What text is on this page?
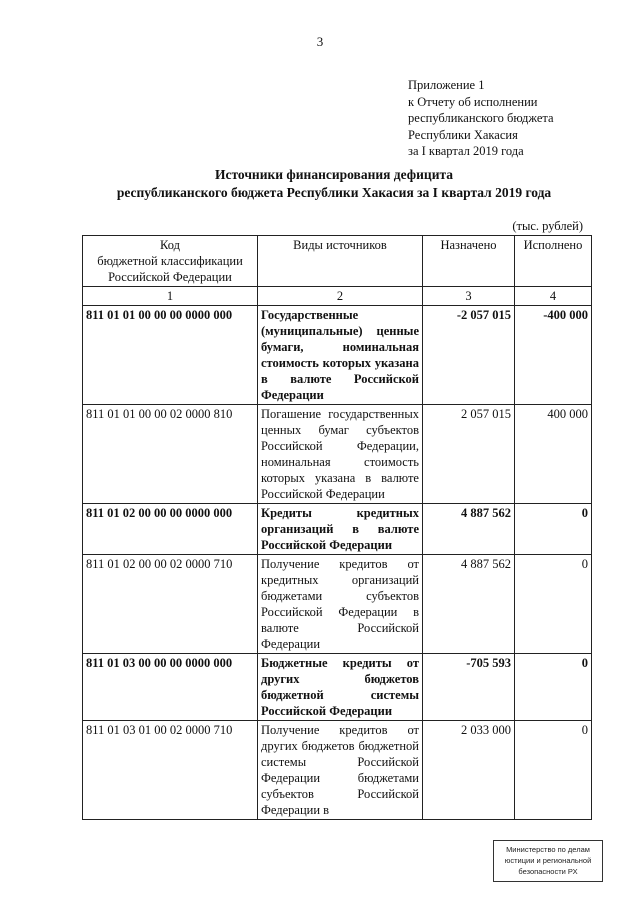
3
Приложение 1
к Отчету об исполнении
республиканского бюджета
Республики Хакасия
за I квартал 2019 года
Источники финансирования дефицита
республиканского бюджета Республики Хакасия за I квартал 2019 года
(тыс. рублей)
Код
бюджетной классификации
Российской Федерации	Виды источников	Назначено	Исполнено
1	2	3	4
811 01 01 00 00 00 0000 000	Государственные (муниципальные) ценные бумаги, номинальная стоимость которых указана в валюте Российской Федерации	-2 057 015	-400 000
811 01 01 00 00 02 0000 810	Погашение государственных ценных бумаг субъектов Российской Федерации, номинальная стоимость которых указана в валюте Российской Федерации	2 057 015	400 000
811 01 02 00 00 00 0000 000	Кредиты кредитных организаций в валюте Российской Федерации	4 887 562	0
811 01 02 00 00 02 0000 710	Получение кредитов от кредитных организаций бюджетами субъектов Российской Федерации в валюте Российской Федерации	4 887 562	0
811 01 03 00 00 00 0000 000	Бюджетные кредиты от других бюджетов бюджетной системы Российской Федерации	-705 593	0
811 01 03 01 00 02 0000 710	Получение кредитов от других бюджетов бюджетной системы Российской Федерации бюджетами субъектов Российской Федерации в	2 033 000	0
Министерство по делам
юстиции и региональной
безопасности РХ
